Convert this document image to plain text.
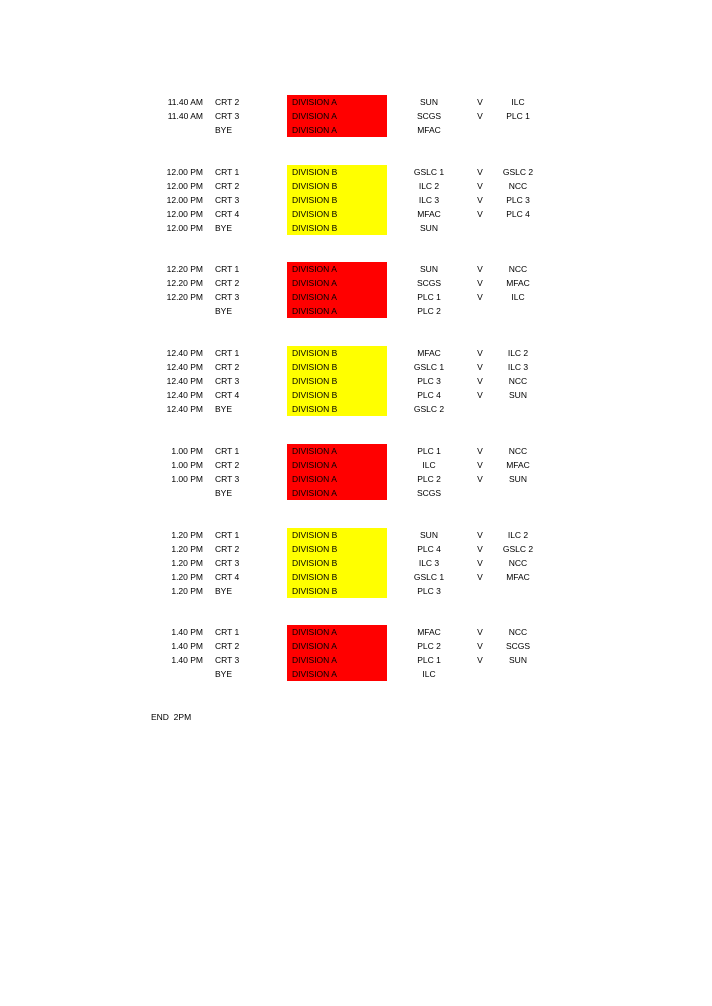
11.40 AM CRT 2	DIVISION A	SUN	V	ILC
11.40 AM CRT 3	DIVISION A	SCGS	V	PLC 1
BYE	DIVISION A	MFAC
12.00 PM CRT 1	DIVISION B	GSLC 1	V	GSLC 2
12.00 PM CRT 2	DIVISION B	ILC 2	V	NCC
12.00 PM CRT 3	DIVISION B	ILC 3	V	PLC 3
12.00 PM CRT 4	DIVISION B	MFAC	V	PLC 4
12.00 PM BYE	DIVISION B	SUN
12.20 PM CRT 1	DIVISION A	SUN	V	NCC
12.20 PM CRT 2	DIVISION A	SCGS	V	MFAC
12.20 PM CRT 3	DIVISION A	PLC 1	V	ILC
BYE	DIVISION A	PLC 2
12.40 PM CRT 1	DIVISION B	MFAC	V	ILC 2
12.40 PM CRT 2	DIVISION B	GSLC 1	V	ILC 3
12.40 PM CRT 3	DIVISION B	PLC 3	V	NCC
12.40 PM CRT 4	DIVISION B	PLC 4	V	SUN
12.40 PM BYE	DIVISION B	GSLC 2
1.00 PM CRT 1	DIVISION A	PLC 1	V	NCC
1.00 PM CRT 2	DIVISION A	ILC	V	MFAC
1.00 PM CRT 3	DIVISION A	PLC 2	V	SUN
BYE	DIVISION A	SCGS
1.20 PM CRT 1	DIVISION B	SUN	V	ILC 2
1.20 PM CRT 2	DIVISION B	PLC 4	V	GSLC 2
1.20 PM CRT 3	DIVISION B	ILC 3	V	NCC
1.20 PM CRT 4	DIVISION B	GSLC 1	V	MFAC
1.20 PM BYE	DIVISION B	PLC 3
1.40 PM CRT 1	DIVISION A	MFAC	V	NCC
1.40 PM CRT 2	DIVISION A	PLC 2	V	SCGS
1.40 PM CRT 3	DIVISION A	PLC 1	V	SUN
BYE	DIVISION A	ILC
END  2PM
